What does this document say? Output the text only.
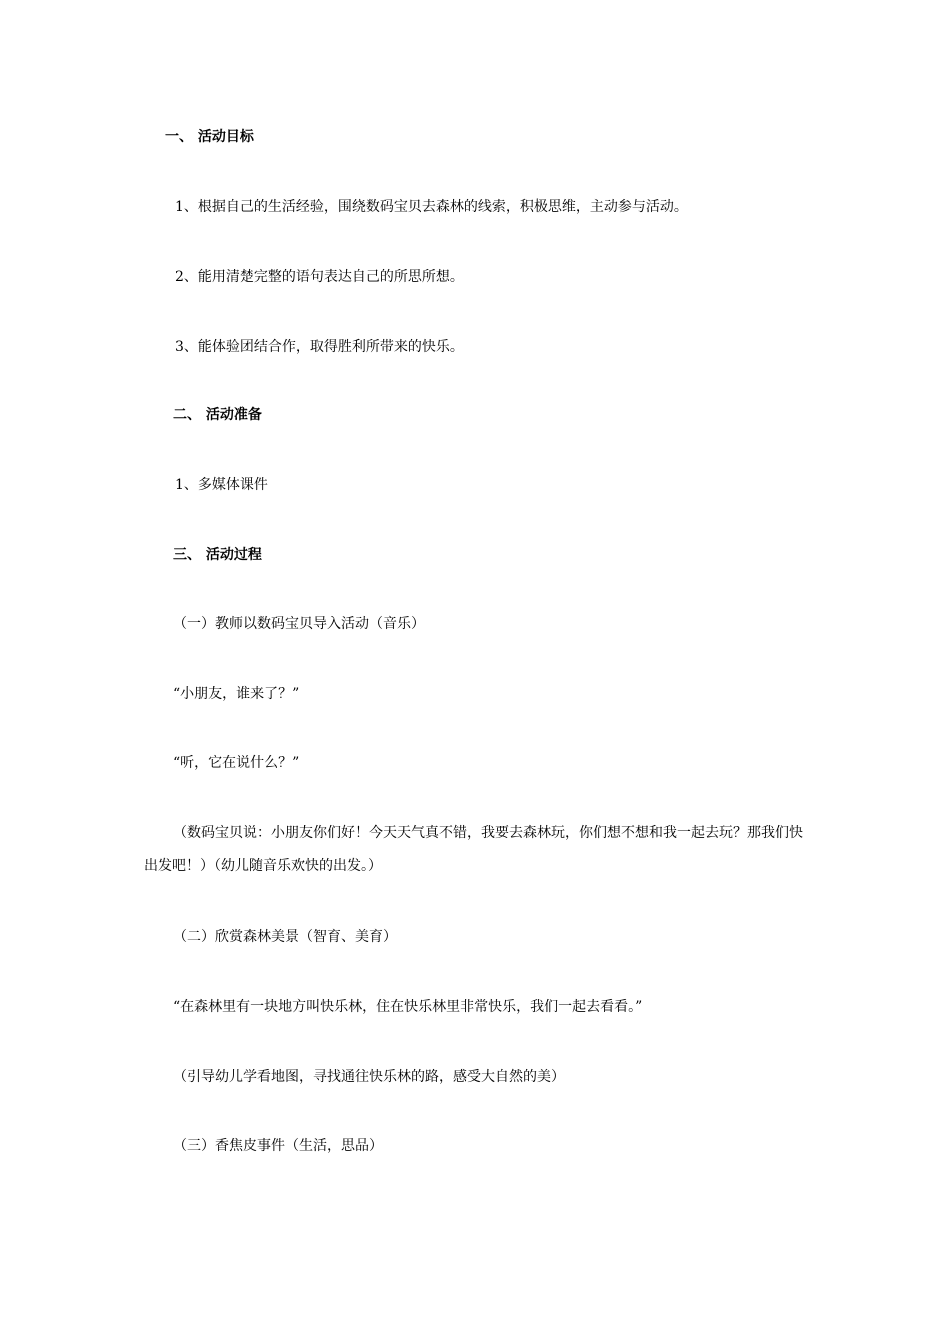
一、 活动目标
1、根据自己的生活经验，围绕数码宝贝去森林的线索，积极思维，主动参与活动。
2、能用清楚完整的语句表达自己的所思所想。
3、能体验团结合作，取得胜利所带来的快乐。
二、 活动准备
1、多媒体课件
三、 活动过程
（一）教师以数码宝贝导入活动（音乐）
“小朋友，谁来了？”
“听，它在说什么？”
（数码宝贝说：小朋友你们好！今天天气真不错，我要去森林玩，你们想不想和我一起去玩？那我们快
出发吧！）（幼儿随音乐欢快的出发。）
（二）欣赏森林美景（智育、美育）
“在森林里有一块地方叫快乐林，住在快乐林里非常快乐，我们一起去看看。”
（引导幼儿学看地图，寻找通往快乐林的路，感受大自然的美）
（三）香焦皮事件（生活，思品）
